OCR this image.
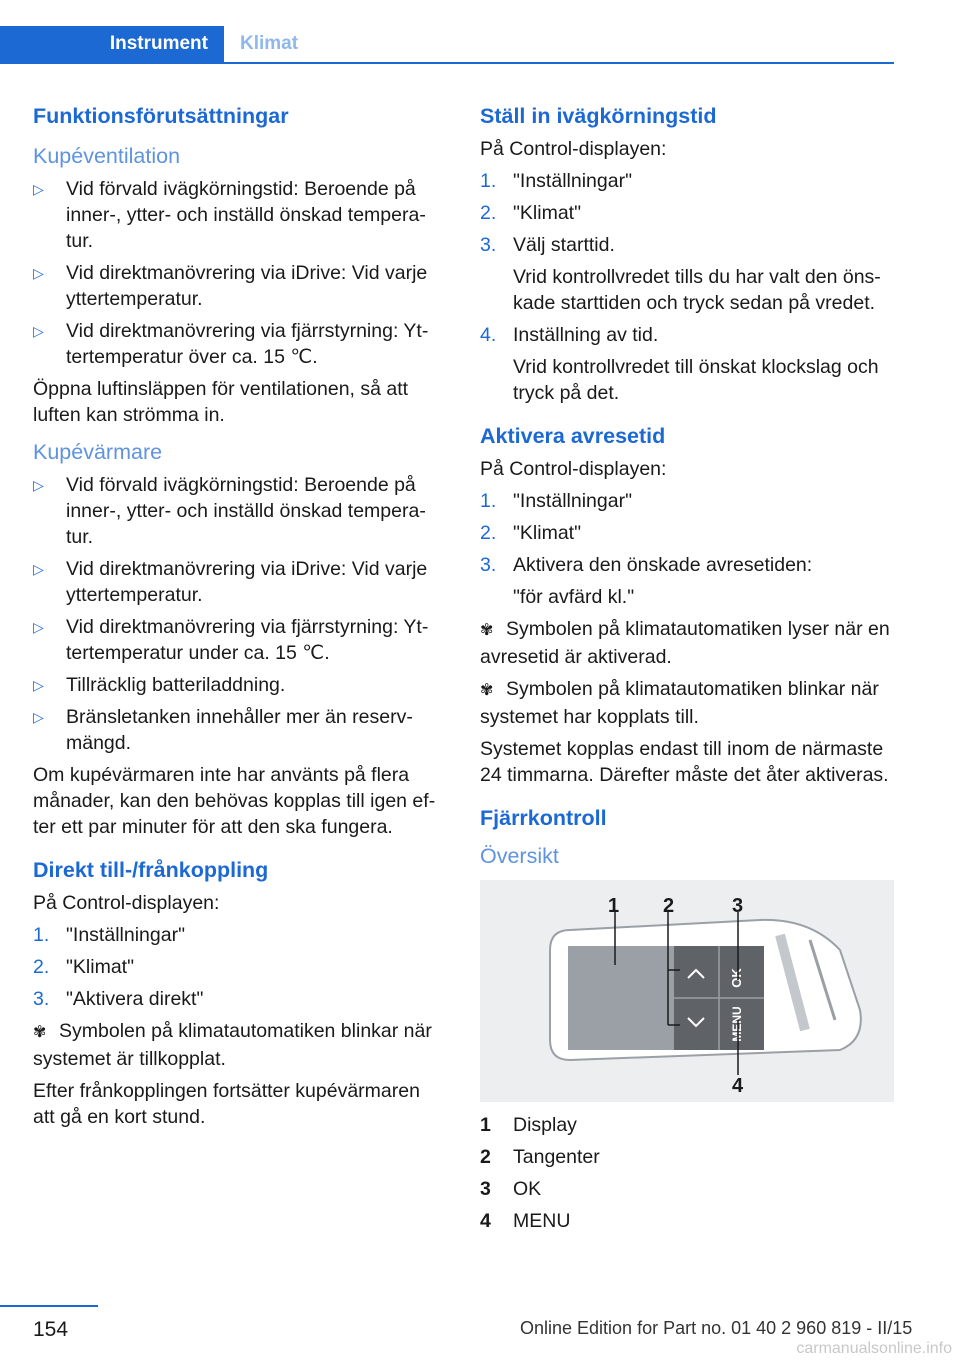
Instrument	Klimat
Funktionsförutsättningar
Kupéventilation
▷ Vid förvald ivägkörningstid: Beroende på inner-, ytter- och inställd önskad temperatur.
▷ Vid direktmanövrering via iDrive: Vid varje yttertemperatur.
▷ Vid direktmanövrering via fjärrstyrning: Yttertemperatur över ca. 15 ℃.

Öppna luftinsläppen för ventilationen, så att luften kan strömma in.

Kupévärmare
▷ Vid förvald ivägkörningstid: Beroende på inner-, ytter- och inställd önskad temperatur.
▷ Vid direktmanövrering via iDrive: Vid varje yttertemperatur.
▷ Vid direktmanövrering via fjärrstyrning: Yttertemperatur under ca. 15 ℃.
▷ Tillräcklig batteriladdning.
▷ Bränsletanken innehåller mer än reservmängd.

Om kupévärmaren inte har använts på flera månader, kan den behövas kopplas till igen efter ett par minuter för att den ska fungera.

Direkt till-/frånkoppling

På Control-displayen:

1. "Inställningar"
2. "Klimat"
3. "Aktivera direkt"

✾ Symbolen på klimatautomatiken blinkar när systemet är tillkopplat.

Efter frånkopplingen fortsätter kupévärmaren att gå en kort stund.

Ställ in ivägkörningstid

På Control-displayen:

1. "Inställningar"
2. "Klimat"
3. Välj starttid.
Vrid kontrollvredet tills du har valt den önskade starttiden och tryck sedan på vredet.
4. Inställning av tid.
Vrid kontrollvredet till önskat klockslag och tryck på det.
Aktivera avresetid

På Control-displayen:

1. "Inställningar"
2. "Klimat"
3. Aktivera den önskade avresetiden:
"för avfärd kl."

✾ Symbolen på klimatautomatiken lyser när en avresetid är aktiverad.

✾ Symbolen på klimatautomatiken blinkar när systemet har kopplats till.

Systemet kopplas endast till inom de närmaste 24 timmarna. Därefter måste det åter aktiveras.

Fjärrkontroll
Översikt
OK
MENU
1 2	3
4
1 Display
2 Tangenter
3 OK
4 MENU
154	Online Edition for Part no. 01 40 2 960 819 - II/15
carmanualsonline.info
